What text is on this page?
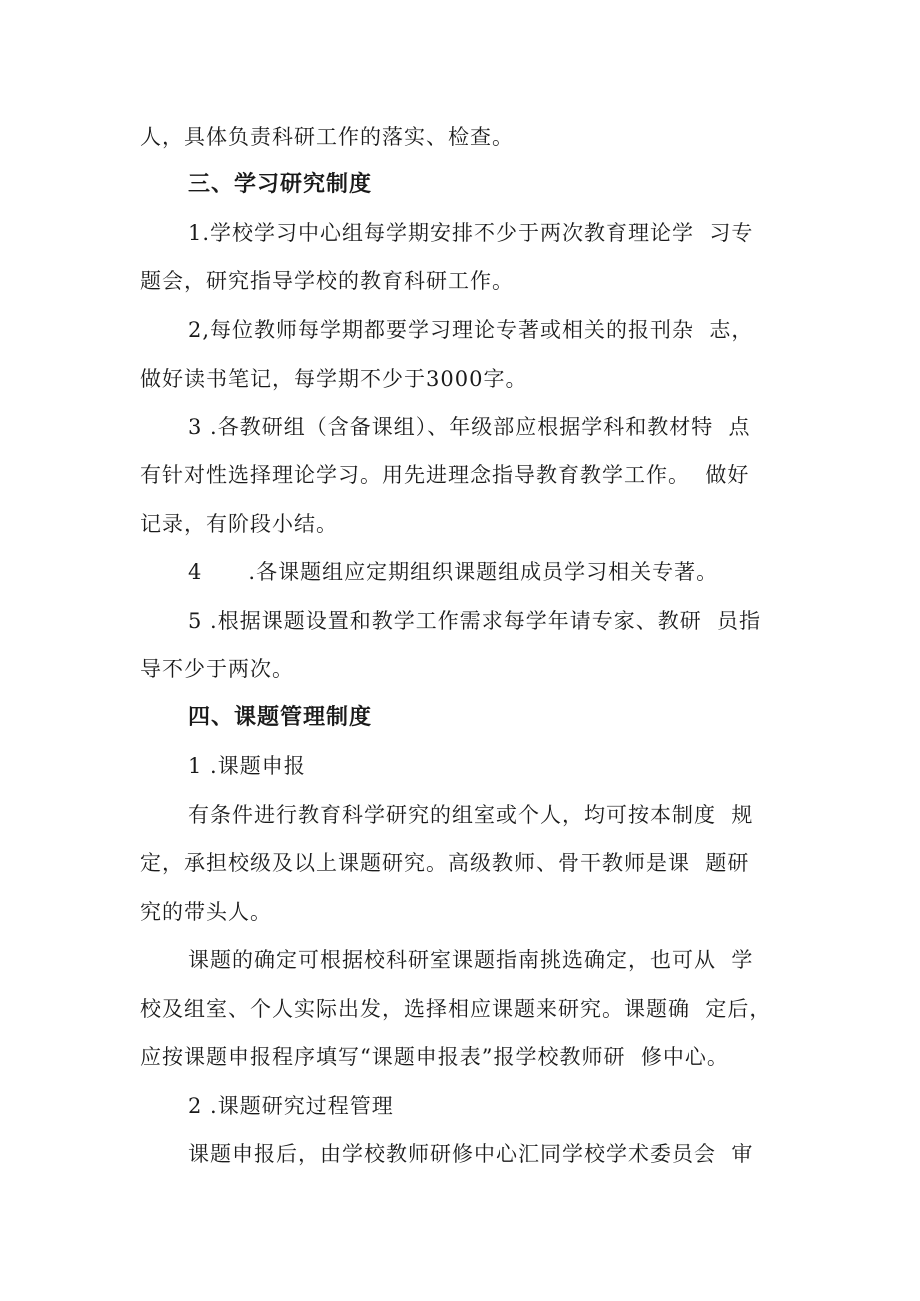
人，具体负责科研工作的落实、检查。
三、学习研究制度
1.学校学习中心组每学期安排不少于两次教育理论学  习专
题会，研究指导学校的教育科研工作。
2,每位教师每学期都要学习理论专著或相关的报刊杂  志，
做好读书笔记，每学期不少于3000字。
3 .各教研组（含备课组）、年级部应根据学科和教材特  点
有针对性选择理论学习。用先进理念指导教育教学工作。  做好
记录，有阶段小结。
4      .各课题组应定期组织课题组成员学习相关专著。
5 .根据课题设置和教学工作需求每学年请专家、教研  员指
导不少于两次。
四、课题管理制度
1 .课题申报
有条件进行教育科学研究的组室或个人，均可按本制度  规
定，承担校级及以上课题研究。高级教师、骨干教师是课  题研
究的带头人。
课题的确定可根据校科研室课题指南挑选确定，也可从  学
校及组室、个人实际出发，选择相应课题来研究。课题确  定后，
应按课题申报程序填写“课题申报表”报学校教师研  修中心。
2 .课题研究过程管理
课题申报后，由学校教师研修中心汇同学校学术委员会  审
